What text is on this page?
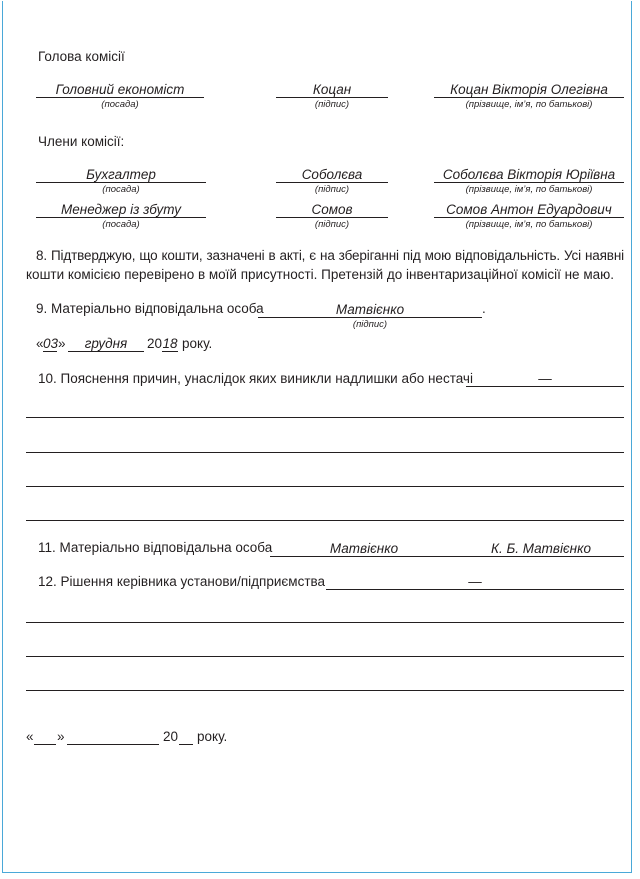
Голова комісії
Головний економіст	Коцан	Коцан Вікторія Олегівна
(посада)	(підпис)	(прізвище, ім’я, по батькові)
Члени комісії:
Бухгалтер	Соболєва	Соболєва Вікторія Юріївна
(посада)	(підпис)	(прізвище, ім’я, по батькові)
Менеджер із збуту	Сомов	Сомов Антон Едуардович
(посада)	(підпис)	(прізвище, ім’я, по батькові)
8. Підтверджую, що кошти, зазначені в акті, є на зберіганні під мою відповідальність. Усі наявні
кошти комісією перевірено в моїй присутності. Претензій до інвентаризаційної комісії не маю.
9. Матеріально відповідальна особа	Матвієнко	.
(підпис)
« 03 »	грудня	20 18 року.
10. Пояснення причин, унаслідок яких виникли надлишки або нестачі	—
11. Матеріально відповідальна особа	Матвієнко	К. Б. Матвієнко
12. Рішення керівника установи/підприємства	—
« »	20 року.
